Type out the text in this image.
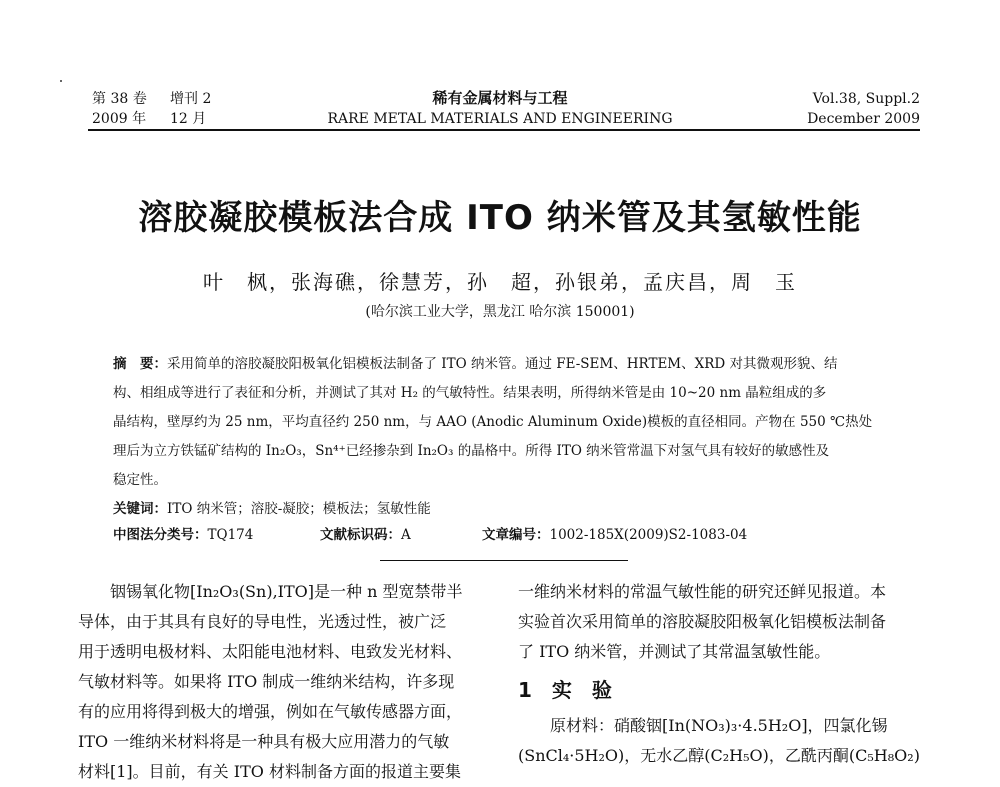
第 38 卷 增刊 2
2009 年 12 月
稀有金属材料与工程
RARE METAL MATERIALS AND ENGINEERING
Vol.38, Suppl.2
December 2009
溶胶凝胶模板法合成 ITO 纳米管及其氢敏性能
叶　枫，张海礁，徐慧芳，孙　超，孙银弟，孟庆昌，周　玉
(哈尔滨工业大学，黑龙江 哈尔滨 150001)

摘　要：采用简单的溶胶凝胶阳极氧化铝模板法制备了 ITO 纳米管。通过 FE-SEM、HRTEM、XRD 对其微观形貌、结

构、相组成等进行了表征和分析，并测试了其对 H₂ 的气敏特性。结果表明，所得纳米管是由 10~20 nm 晶粒组成的多

晶结构，壁厚约为 25 nm，平均直径约 250 nm，与 AAO (Anodic Aluminum Oxide)模板的直径相同。产物在 550 ℃热处

理后为立方铁锰矿结构的 In₂O₃，Sn⁴⁺已经掺杂到 In₂O₃ 的晶格中。所得 ITO 纳米管常温下对氢气具有较好的敏感性及

稳定性。

关键词：ITO 纳米管；溶胶-凝胶；模板法；氢敏性能

中图法分类号：TQ174	文献标识码：A	文章编号：1002-185X(2009)S2-1083-04

铟锡氧化物[In₂O₃(Sn),ITO]是一种 n 型宽禁带半

导体，由于其具有良好的导电性，光透过性，被广泛

用于透明电极材料、太阳能电池材料、电致发光材料、

气敏材料等。如果将 ITO 制成一维纳米结构，许多现

有的应用将得到极大的增强，例如在气敏传感器方面，

ITO 一维纳米材料将是一种具有极大应用潜力的气敏

材料[1]。目前，有关 ITO 材料制备方面的报道主要集

一维纳米材料的常温气敏性能的研究还鲜见报道。本

实验首次采用简单的溶胶凝胶阳极氧化铝模板法制备

了 ITO 纳米管，并测试了其常温氢敏性能。

1　实　验

原材料：硝酸铟[In(NO₃)₃·4.5H₂O]，四氯化锡

(SnCl₄·5H₂O)，无水乙醇(C₂H₅O)，乙酰丙酮(C₅H₈O₂)
